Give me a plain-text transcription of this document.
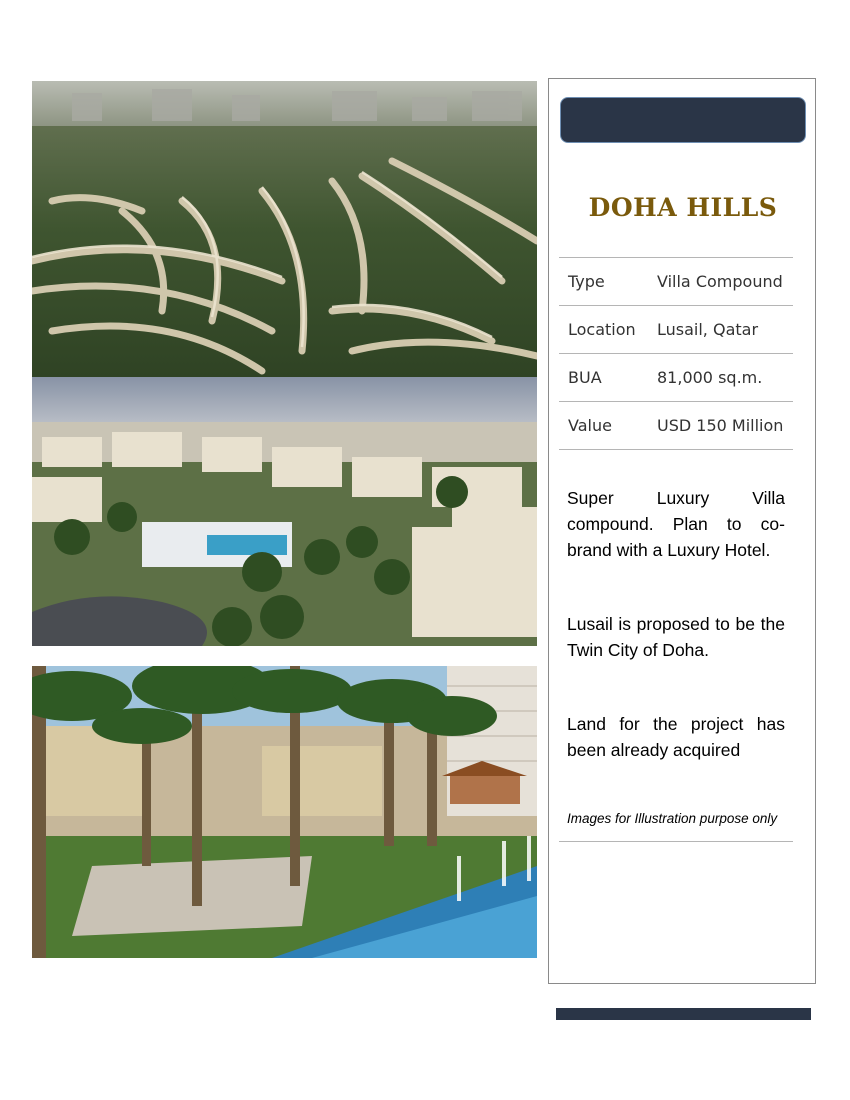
DOHA HILLS
Type	Villa Compound
Location	Lusail, Qatar
BUA	81,000 sq.m.
Value	USD 150 Million
Super Luxury Villa compound. Plan to co-brand with a Luxury Hotel.
Lusail is proposed to be the Twin City of Doha.
Land for the project has been already acquired
Images for Illustration purpose only
